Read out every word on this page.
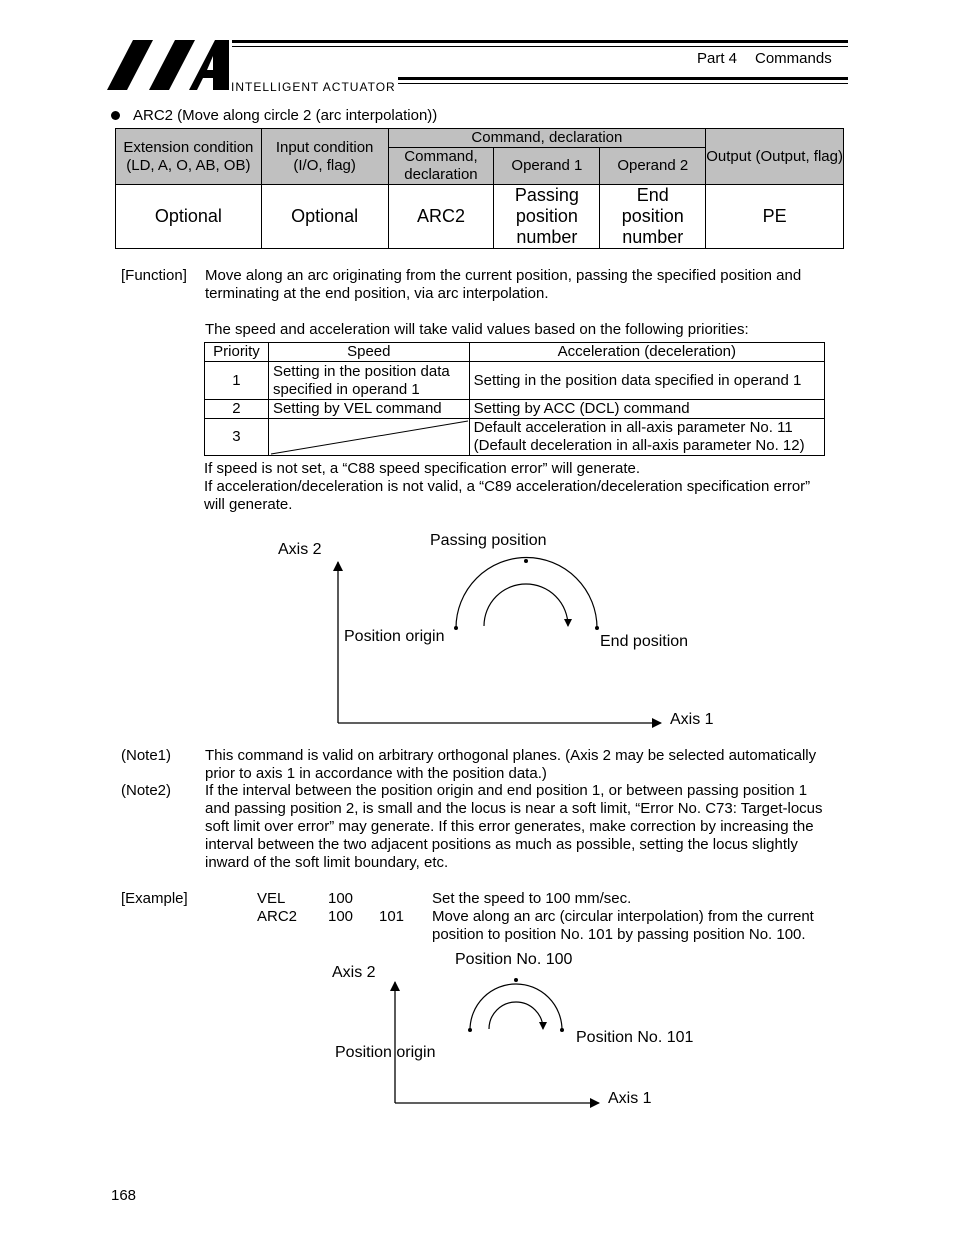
INTELLIGENT ACTUATOR
Part 4 Commands
ARC2 (Move along circle 2 (arc interpolation))
Extension condition (LD, A, O, AB, OB)	Input condition (I/O, flag)	Command, declaration			Output (Output, flag)
		Command, declaration	Operand 1	Operand 2	
Optional	Optional	ARC2	Passing position number	End position number	PE
[Function] Move along an arc originating from the current position, passing the specified position and
terminating at the end position, via arc interpolation.
The speed and acceleration will take valid values based on the following priorities:
Priority	Speed	Acceleration (deceleration)
1	Setting in the position data
specified in operand 1	Setting in the position data specified in operand 1
2	Setting by VEL command	Setting by ACC (DCL) command
3		Default acceleration in all-axis parameter No. 11
(Default deceleration in all-axis parameter No. 12)
If speed is not set, a “C88 speed specification error” will generate.
If acceleration/deceleration is not valid, a “C89 acceleration/deceleration specification error”
will generate.
Axis 2
Passing position
Position origin	End position
Axis 1
(Note1) This command is valid on arbitrary orthogonal planes. (Axis 2 may be selected automatically
prior to axis 1 in accordance with the position data.)
(Note2) If the interval between the position origin and end position 1, or between passing position 1
and passing position 2, is small and the locus is near a soft limit, “Error No. C73: Target-locus
soft limit over error” may generate. If this error generates, make correction by increasing the
interval between the two adjacent positions as much as possible, setting the locus slightly
inward of the soft limit boundary, etc.
[Example]	VEL	100	Set the speed to 100 mm/sec.
ARC2 100 101 Move along an arc (circular interpolation) from the current
position to position No. 101 by passing position No. 100.
Axis 2
Position No. 100
Position origin
Position No. 101
Axis 1
168
